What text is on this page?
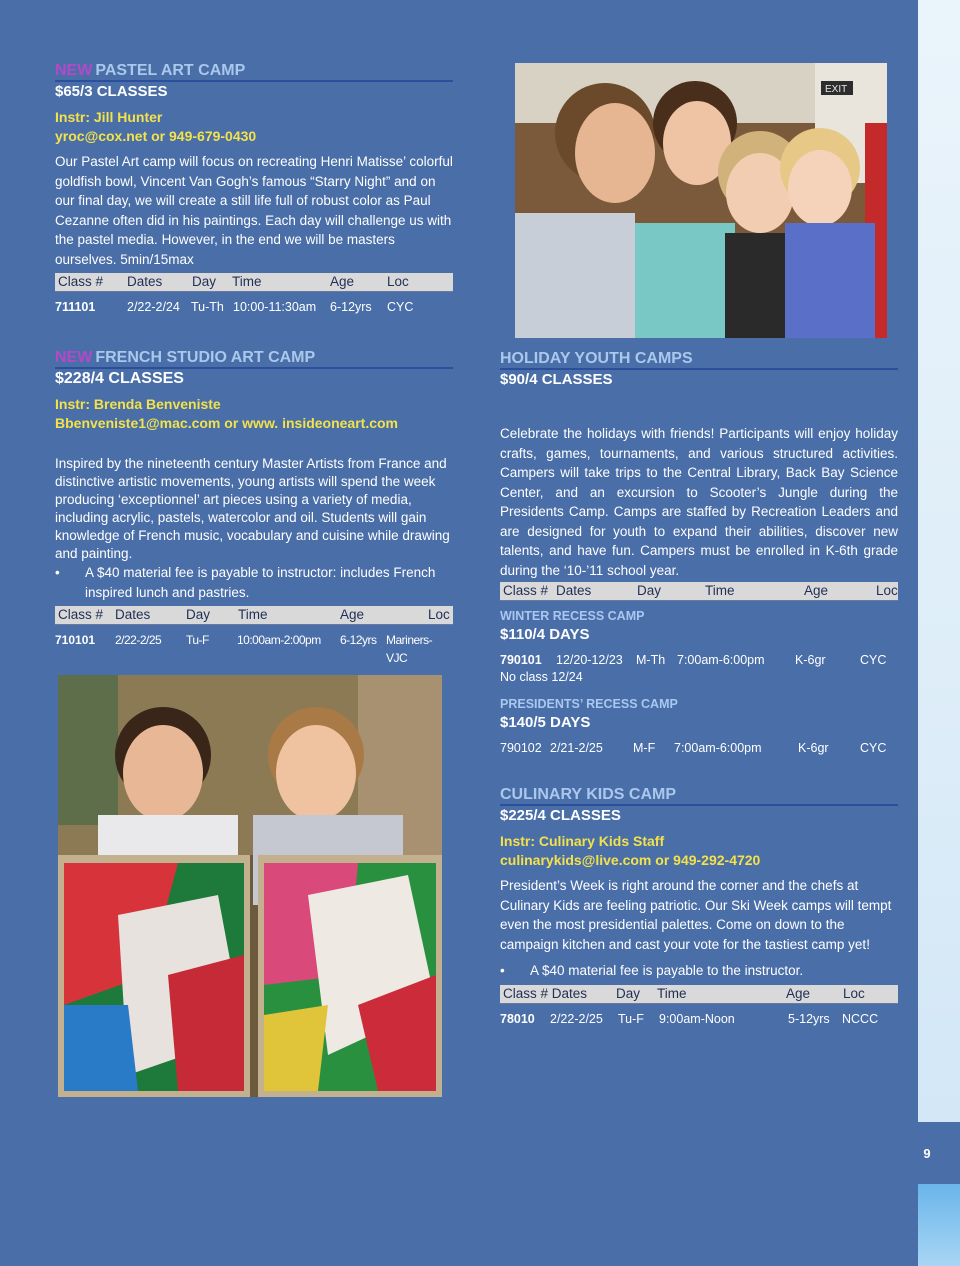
9
NEW PASTEL ART CAMP
$65/3 CLASSES
Instr: Jill Hunter
yroc@cox.net or 949-679-0430
Our Pastel Art camp will focus on recreating Henri Matisse’ colorful goldfish bowl, Vincent Van Gogh’s famous “Starry Night” and on our final day, we will create a still life full of robust color as Paul Cezanne often did in his paintings. Each day will challenge us with the pastel media. However, in the end we will be masters ourselves. 5min/15max
Class # Dates Day Time	Age Loc
711101	2/22-2/24 Tu-Th 10:00-11:30am 6-12yrs CYC
NEW FRENCH STUDIO ART CAMP
$228/4 CLASSES
Instr: Brenda Benveniste
Bbenveniste1@mac.com or www. insideoneart.com
Inspired by the nineteenth century Master Artists from France and distinctive artistic movements, young artists will spend the week producing ‘exceptionnel’ art pieces using a variety of media, including acrylic, pastels, watercolor and oil. Students will gain knowledge of French music, vocabulary and cuisine while drawing and painting.
• A $40 material fee is payable to instructor: includes French inspired lunch and pastries.
Class # Dates	Day Time	Age	Loc
710101 2/22-2/25 Tu-F 10:00am-2:00pm 6-12yrs Mariners-VJC
EXIT
HOLIDAY YOUTH CAMPS
$90/4 CLASSES
Celebrate the holidays with friends! Participants will enjoy holiday crafts, games, tournaments, and various structured activities. Campers will take trips to the Central Library, Back Bay Science Center, and an excursion to Scooter’s Jungle during the Presidents Camp. Camps are staffed by Recreation Leaders and are designed for youth to expand their abilities, discover new talents, and have fun. Campers must be enrolled in K-6th grade during the ‘10-’11 school year.
Class # Dates	Day	Time	Age	Loc
WINTER RECESS CAMP
$110/4 DAYS
790101 12/20-12/23 M-Th 7:00am-6:00pm K-6gr	CYC
No class 12/24
PRESIDENTS’ RECESS CAMP
$140/5 DAYS
790102 2/21-2/25 M-F 7:00am-6:00pm	K-6gr	CYC
CULINARY KIDS CAMP
$225/4 CLASSES
Instr: Culinary Kids Staff
culinarykids@live.com or 949-292-4720
President’s Week is right around the corner and the chefs at Culinary Kids are feeling patriotic. Our Ski Week camps will tempt even the most presidential palettes. Come on down to the campaign kitchen and cast your vote for the tastiest camp yet!
• A $40 material fee is payable to the instructor.
Class # Dates Day Time	Age Loc
78010 2/22-2/25 Tu-F 9:00am-Noon	5-12yrs NCCC
